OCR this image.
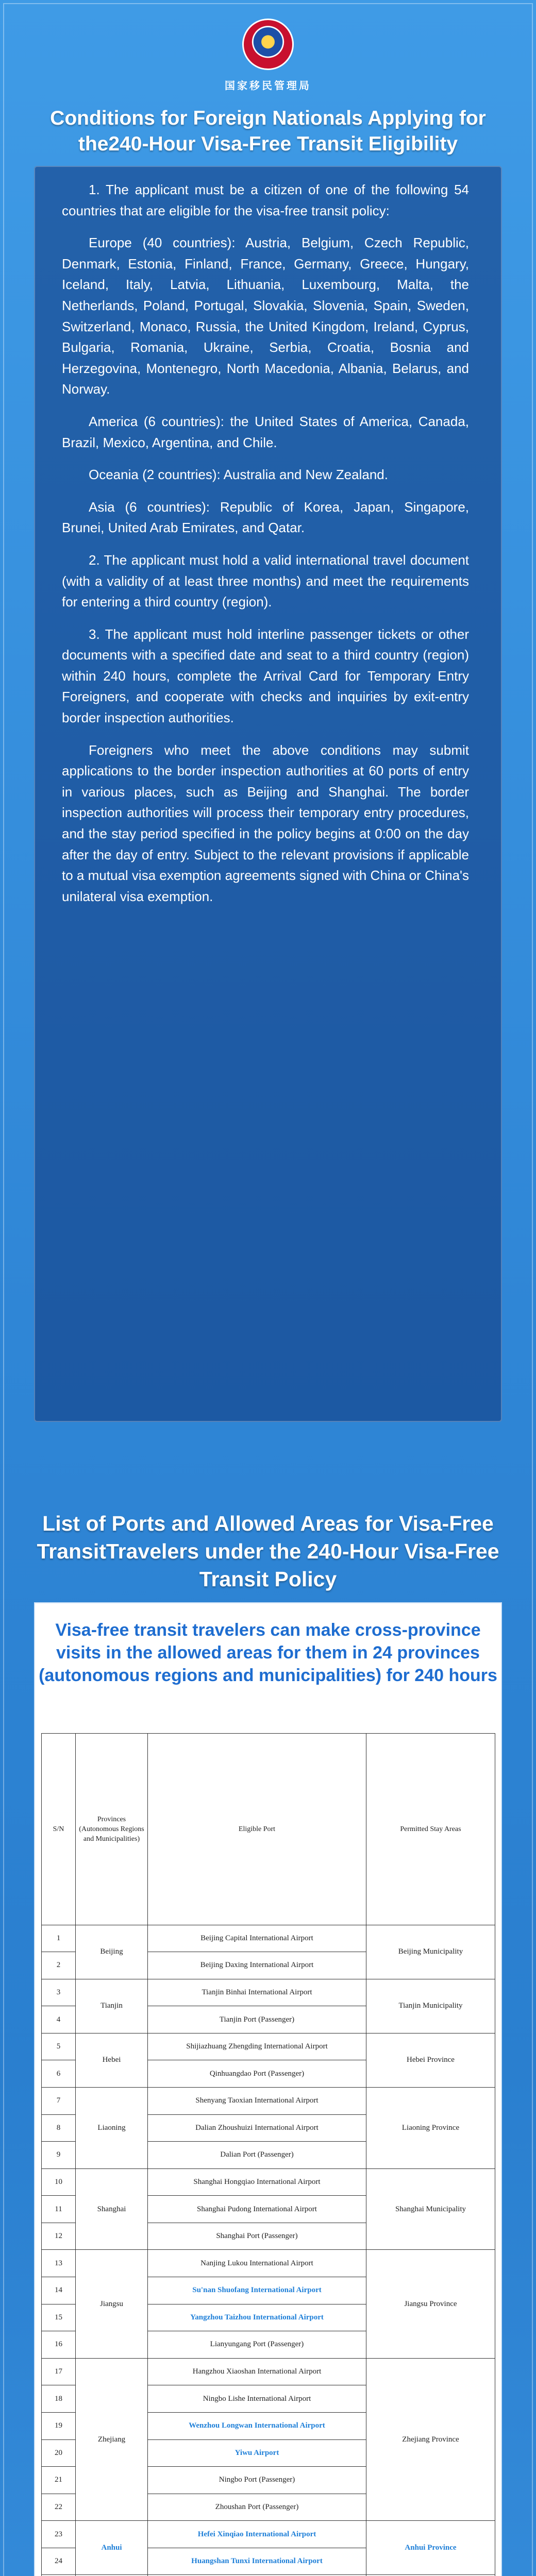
★
国家移民管理局
Conditions for Foreign Nationals Applying for the240-Hour Visa-Free Transit Eligibility

1. The applicant must be a citizen of one of the following 54 countries that are eligible for the visa-free transit policy:

Europe (40 countries): Austria, Belgium, Czech Republic, Denmark, Estonia, Finland, France, Germany, Greece, Hungary, Iceland, Italy, Latvia, Lithuania, Luxembourg, Malta, the Netherlands, Poland, Portugal, Slovakia, Slovenia, Spain, Sweden, Switzerland, Monaco, Russia, the United Kingdom, Ireland, Cyprus, Bulgaria, Romania, Ukraine, Serbia, Croatia, Bosnia and Herzegovina, Montenegro, North Macedonia, Albania, Belarus, and Norway.

America (6 countries): the United States of America, Canada, Brazil, Mexico, Argentina, and Chile.

Oceania (2 countries): Australia and New Zealand.

Asia (6 countries): Republic of Korea, Japan, Singapore, Brunei, United Arab Emirates, and Qatar.

2. The applicant must hold a valid international travel document (with a validity of at least three months) and meet the requirements for entering a third country (region).

3. The applicant must hold interline passenger tickets or other documents with a specified date and seat to a third country (region) within 240 hours, complete the Arrival Card for Temporary Entry Foreigners, and cooperate with checks and inquiries by exit-entry border inspection authorities.

Foreigners who meet the above conditions may submit applications to the border inspection authorities at 60 ports of entry in various places, such as Beijing and Shanghai. The border inspection authorities will process their temporary entry procedures, and the stay period specified in the policy begins at 0:00 on the day after the day of entry. Subject to the relevant provisions if applicable to a mutual visa exemption agreements signed with China or China's unilateral visa exemption.

List of Ports and Allowed Areas for Visa-Free TransitTravelers under the 240-Hour Visa-Free Transit Policy
Visa-free transit travelers can make cross-province visits in the allowed areas for them in 24 provinces (autonomous regions and municipalities) for 240 hours
S/N	Provinces (Autonomous Regions and Municipalities)	Eligible Port	Permitted Stay Areas
1	Beijing	Beijing Capital International Airport	Beijing Municipality
2		Beijing Daxing International Airport	
3	Tianjin	Tianjin Binhai International Airport	Tianjin Municipality
4		Tianjin Port (Passenger)	
5	Hebei	Shijiazhuang Zhengding International Airport	Hebei Province
6		Qinhuangdao Port (Passenger)	
7	Liaoning	Shenyang Taoxian International Airport	Liaoning Province
8		Dalian Zhoushuizi International Airport	
9		Dalian Port (Passenger)	
10	Shanghai	Shanghai Hongqiao International Airport	Shanghai Municipality
11		Shanghai Pudong International Airport	
12		Shanghai Port (Passenger)	
13	Jiangsu	Nanjing Lukou International Airport	Jiangsu Province
14		Su'nan Shuofang International Airport	
15		Yangzhou Taizhou International Airport	
16		Lianyungang Port (Passenger)	
17	Zhejiang	Hangzhou Xiaoshan International Airport	Zhejiang Province
18		Ningbo Lishe International Airport	
19		Wenzhou Longwan International Airport	
20		Yiwu Airport	
21		Ningbo Port (Passenger)	
22		Zhoushan Port (Passenger)	
23	Anhui	Hefei Xinqiao International Airport	Anhui Province
24		Huangshan Tunxi International Airport	
